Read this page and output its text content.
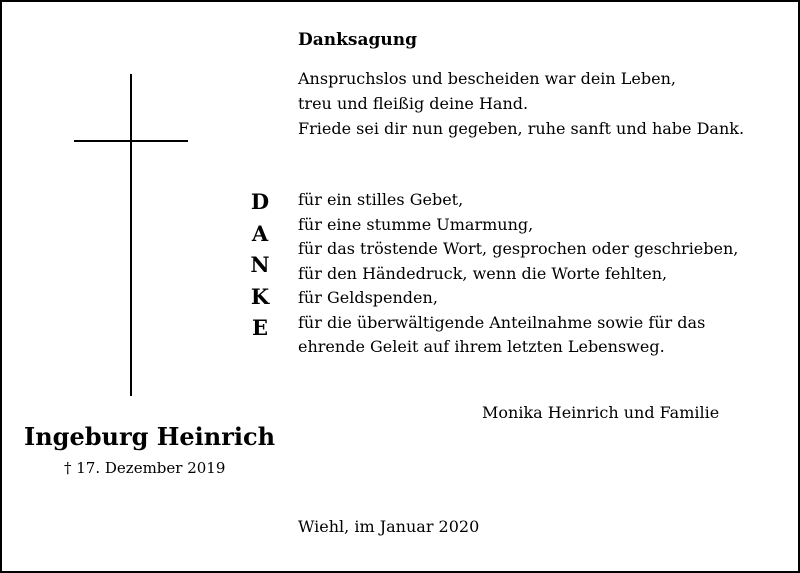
Ingeburg Heinrich
† 17. Dezember 2019
D
A
N
K
E
Danksagung
Anspruchslos und bescheiden war dein Leben,
treu und fleißig deine Hand.
Friede sei dir nun gegeben, ruhe sanft und habe Dank.
für ein stilles Gebet,
für eine stumme Umarmung,
für das tröstende Wort, gesprochen oder geschrieben,
für den Händedruck, wenn die Worte fehlten,
für Geldspenden,
für die überwältigende Anteilnahme sowie für das
ehrende Geleit auf ihrem letzten Lebensweg.
Monika Heinrich und Familie
Wiehl, im Januar 2020
